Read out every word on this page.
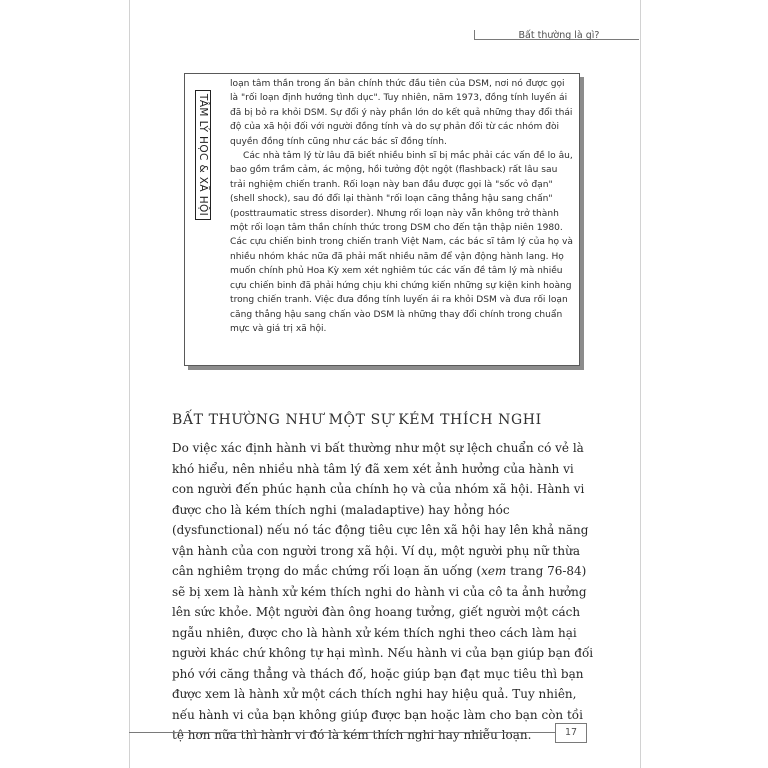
Bất thường là gì?
TÂM LÝ HỌC & XÃ HỘI

loạn tâm thần trong ấn bản chính thức đầu tiên của DSM, nơi nó được gọi là "rối loạn định hướng tình dục". Tuy nhiên, năm 1973, đồng tính luyến ái đã bị bỏ ra khỏi DSM. Sự đổi ý này phần lớn do kết quả những thay đổi thái độ của xã hội đối với người đồng tính và do sự phản đối từ các nhóm đòi quyền đồng tính cũng như các bác sĩ đồng tính.

Các nhà tâm lý từ lâu đã biết nhiều binh sĩ bị mắc phải các vấn đề lo âu, bao gồm trầm cảm, ác mộng, hồi tưởng đột ngột (flashback) rất lâu sau trải nghiệm chiến tranh. Rối loạn này ban đầu được gọi là "sốc vỏ đạn" (shell shock), sau đó đổi lại thành "rối loạn căng thẳng hậu sang chấn" (posttraumatic stress disorder). Nhưng rối loạn này vẫn không trở thành một rối loạn tâm thần chính thức trong DSM cho đến tận thập niên 1980. Các cựu chiến binh trong chiến tranh Việt Nam, các bác sĩ tâm lý của họ và nhiều nhóm khác nữa đã phải mất nhiều năm để vận động hành lang. Họ muốn chính phủ Hoa Kỳ xem xét nghiêm túc các vấn đề tâm lý mà nhiều cựu chiến binh đã phải hứng chịu khi chứng kiến những sự kiện kinh hoàng trong chiến tranh. Việc đưa đồng tính luyến ái ra khỏi DSM và đưa rối loạn căng thẳng hậu sang chấn vào DSM là những thay đổi chính trong chuẩn mực và giá trị xã hội.

BẤT THƯỜNG NHƯ MỘT SỰ KÉM THÍCH NGHI

Do việc xác định hành vi bất thường như một sự lệch chuẩn có vẻ là khó hiểu, nên nhiều nhà tâm lý đã xem xét ảnh hưởng của hành vi con người đến phúc hạnh của chính họ và của nhóm xã hội. Hành vi được cho là kém thích nghi (maladaptive) hay hỏng hóc (dysfunctional) nếu nó tác động tiêu cực lên xã hội hay lên khả năng vận hành của con người trong xã hội. Ví dụ, một người phụ nữ thừa cân nghiêm trọng do mắc chứng rối loạn ăn uống (xem trang 76-84) sẽ bị xem là hành xử kém thích nghi do hành vi của cô ta ảnh hưởng lên sức khỏe. Một người đàn ông hoang tưởng, giết người một cách ngẫu nhiên, được cho là hành xử kém thích nghi theo cách làm hại người khác chứ không tự hại mình. Nếu hành vi của bạn giúp bạn đối phó với căng thẳng và thách đố, hoặc giúp bạn đạt mục tiêu thì bạn được xem là hành xử một cách thích nghi hay hiệu quả. Tuy nhiên, nếu hành vi của bạn không giúp được bạn hoặc làm cho bạn còn tồi tệ hơn nữa thì hành vi đó là kém thích nghi hay nhiễu loạn.	17
